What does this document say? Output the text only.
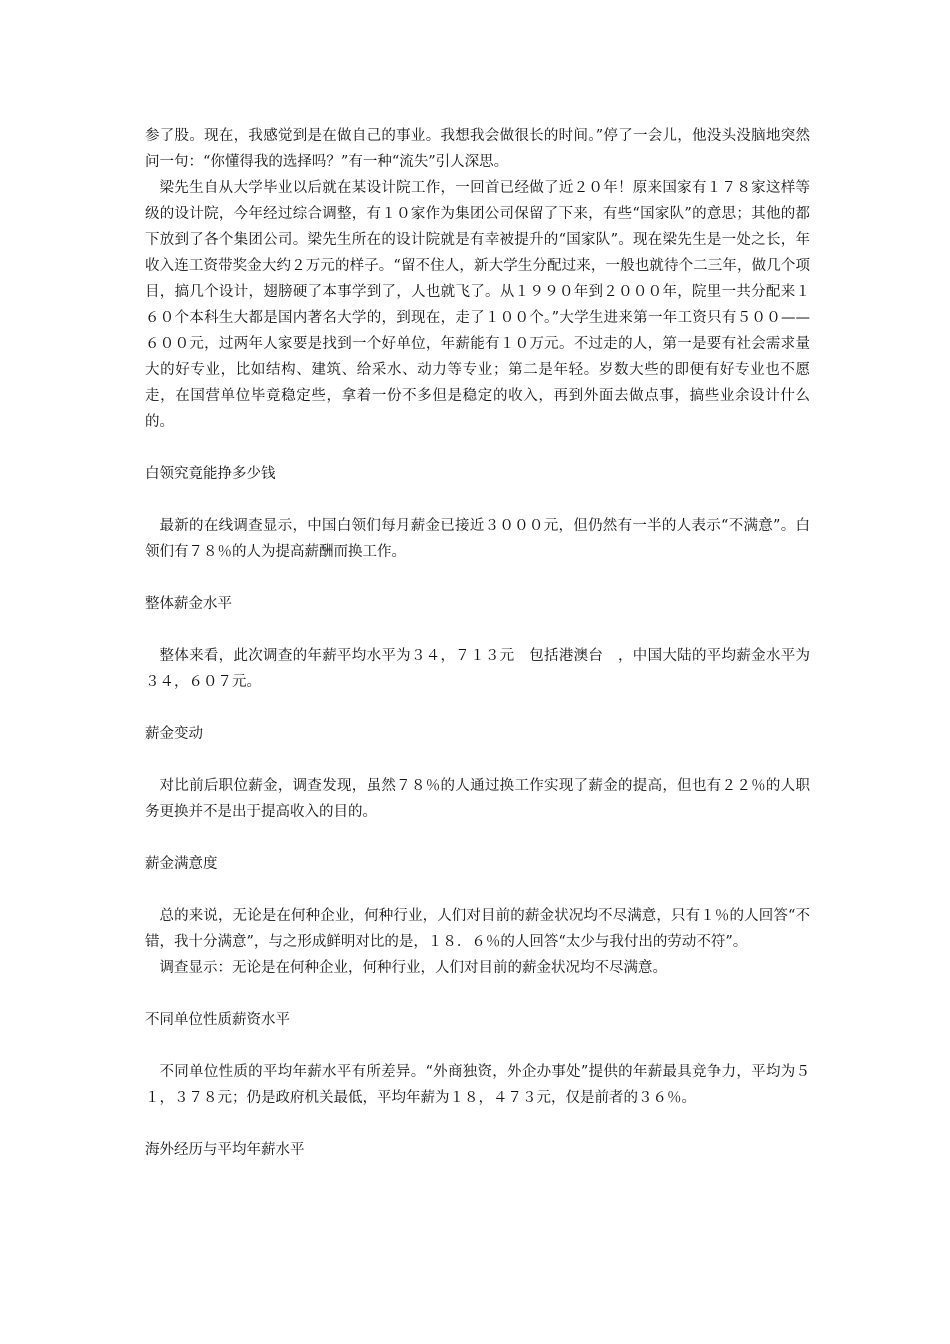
参了股。现在，我感觉到是在做自己的事业。我想我会做很长的时间。”停了一会儿，他没头没脑地突然问一句：“你懂得我的选择吗？”有一种“流失”引人深思。

梁先生自从大学毕业以后就在某设计院工作，一回首已经做了近２０年！原来国家有１７８家这样等级的设计院，今年经过综合调整，有１０家作为集团公司保留了下来，有些“国家队”的意思；其他的都下放到了各个集团公司。梁先生所在的设计院就是有幸被提升的“国家队”。现在梁先生是一处之长，年收入连工资带奖金大约２万元的样子。“留不住人，新大学生分配过来，一般也就待个二三年，做几个项目，搞几个设计，翅膀硬了本事学到了，人也就飞了。从１９９０年到２０００年，院里一共分配来１６０个本科生大都是国内著名大学的，到现在，走了１００个。”大学生进来第一年工资只有５００——６００元，过两年人家要是找到一个好单位，年薪能有１０万元。不过走的人，第一是要有社会需求量大的好专业，比如结构、建筑、给采水、动力等专业；第二是年轻。岁数大些的即便有好专业也不愿走，在国营单位毕竟稳定些，拿着一份不多但是稳定的收入，再到外面去做点事，搞些业余设计什么的。

白领究竟能挣多少钱

最新的在线调查显示，中国白领们每月薪金已接近３０００元，但仍然有一半的人表示“不满意”。白领们有７８％的人为提高薪酬而换工作。

整体薪金水平

整体来看，此次调查的年薪平均水平为３４，７１３元　包括港澳台　，中国大陆的平均薪金水平为３４，６０７元。

薪金变动

对比前后职位薪金，调查发现，虽然７８％的人通过换工作实现了薪金的提高，但也有２２％的人职务更换并不是出于提高收入的目的。

薪金满意度

总的来说，无论是在何种企业，何种行业，人们对目前的薪金状况均不尽满意，只有１％的人回答“不错，我十分满意”，与之形成鲜明对比的是，１８．６％的人回答“太少与我付出的劳动不符”。

调查显示：无论是在何种企业，何种行业，人们对目前的薪金状况均不尽满意。

不同单位性质薪资水平

不同单位性质的平均年薪水平有所差异。“外商独资，外企办事处”提供的年薪最具竞争力，平均为５１，３７８元；仍是政府机关最低，平均年薪为１８，４７３元，仅是前者的３６％。

海外经历与平均年薪水平
